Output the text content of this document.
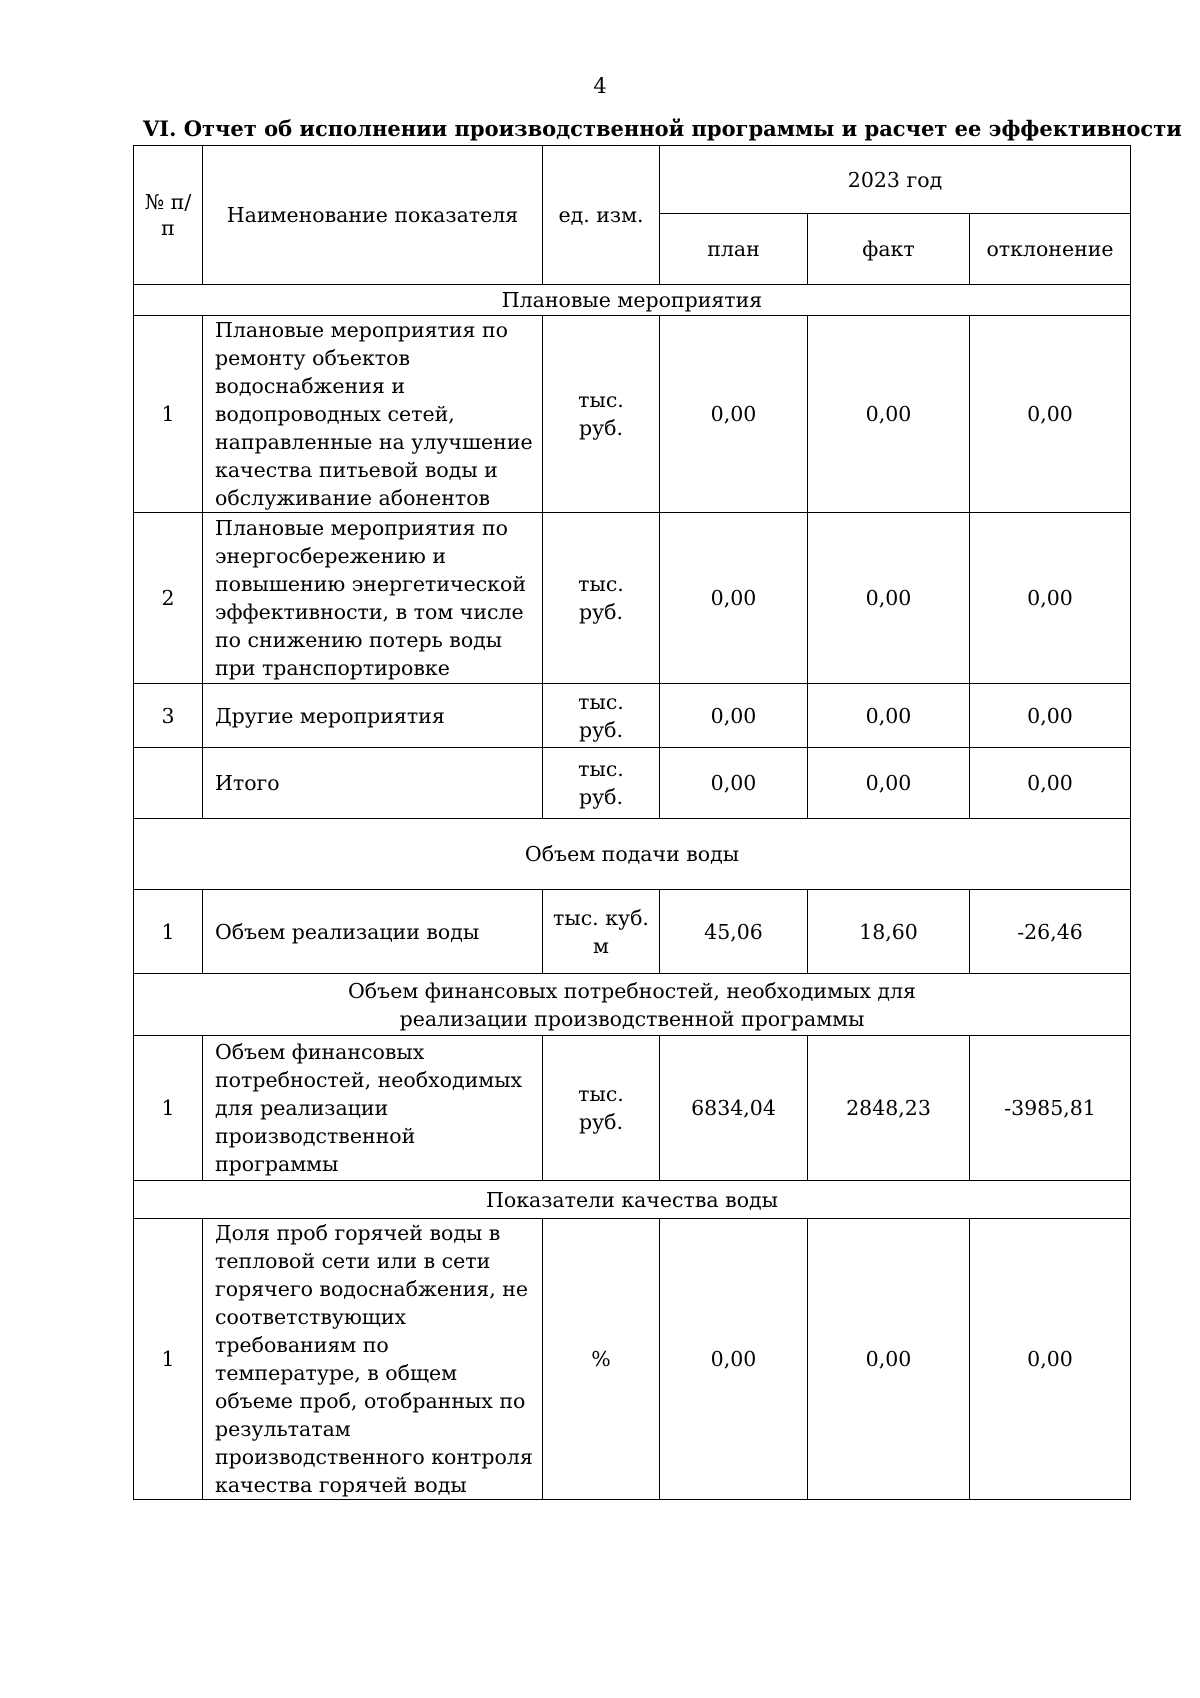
4
VI. Отчет об исполнении производственной программы и расчет ее эффективности
№ п/п	Наименование показателя	ед. изм.	2023 год		
			план	факт	отклонение
Плановые мероприятия					
1	Плановые мероприятия по ремонту объектов водоснабжения и водопроводных сетей, направленные на улучшение качества питьевой воды и обслуживание абонентов	тыс. руб.	0,00	0,00	0,00
2	Плановые мероприятия по энергосбережению и повышению энергетической эффективности, в том числе по снижению потерь воды при транспортировке	тыс. руб.	0,00	0,00	0,00
3	Другие мероприятия	тыс. руб.	0,00	0,00	0,00
	Итого	тыс. руб.	0,00	0,00	0,00
Объем подачи воды					
1	Объем реализации воды	тыс. куб. м	45,06	18,60	-26,46
Объем финансовых потребностей, необходимых для реализации производственной программы					
1	Объем финансовых потребностей, необходимых для реализации производственной программы	тыс. руб.	6834,04	2848,23	-3985,81
Показатели качества воды					
1	Доля проб горячей воды в тепловой сети или в сети горячего водоснабжения, не соответствующих требованиям по температуре, в общем объеме проб, отобранных по результатам производственного контроля качества горячей воды	%	0,00	0,00	0,00
